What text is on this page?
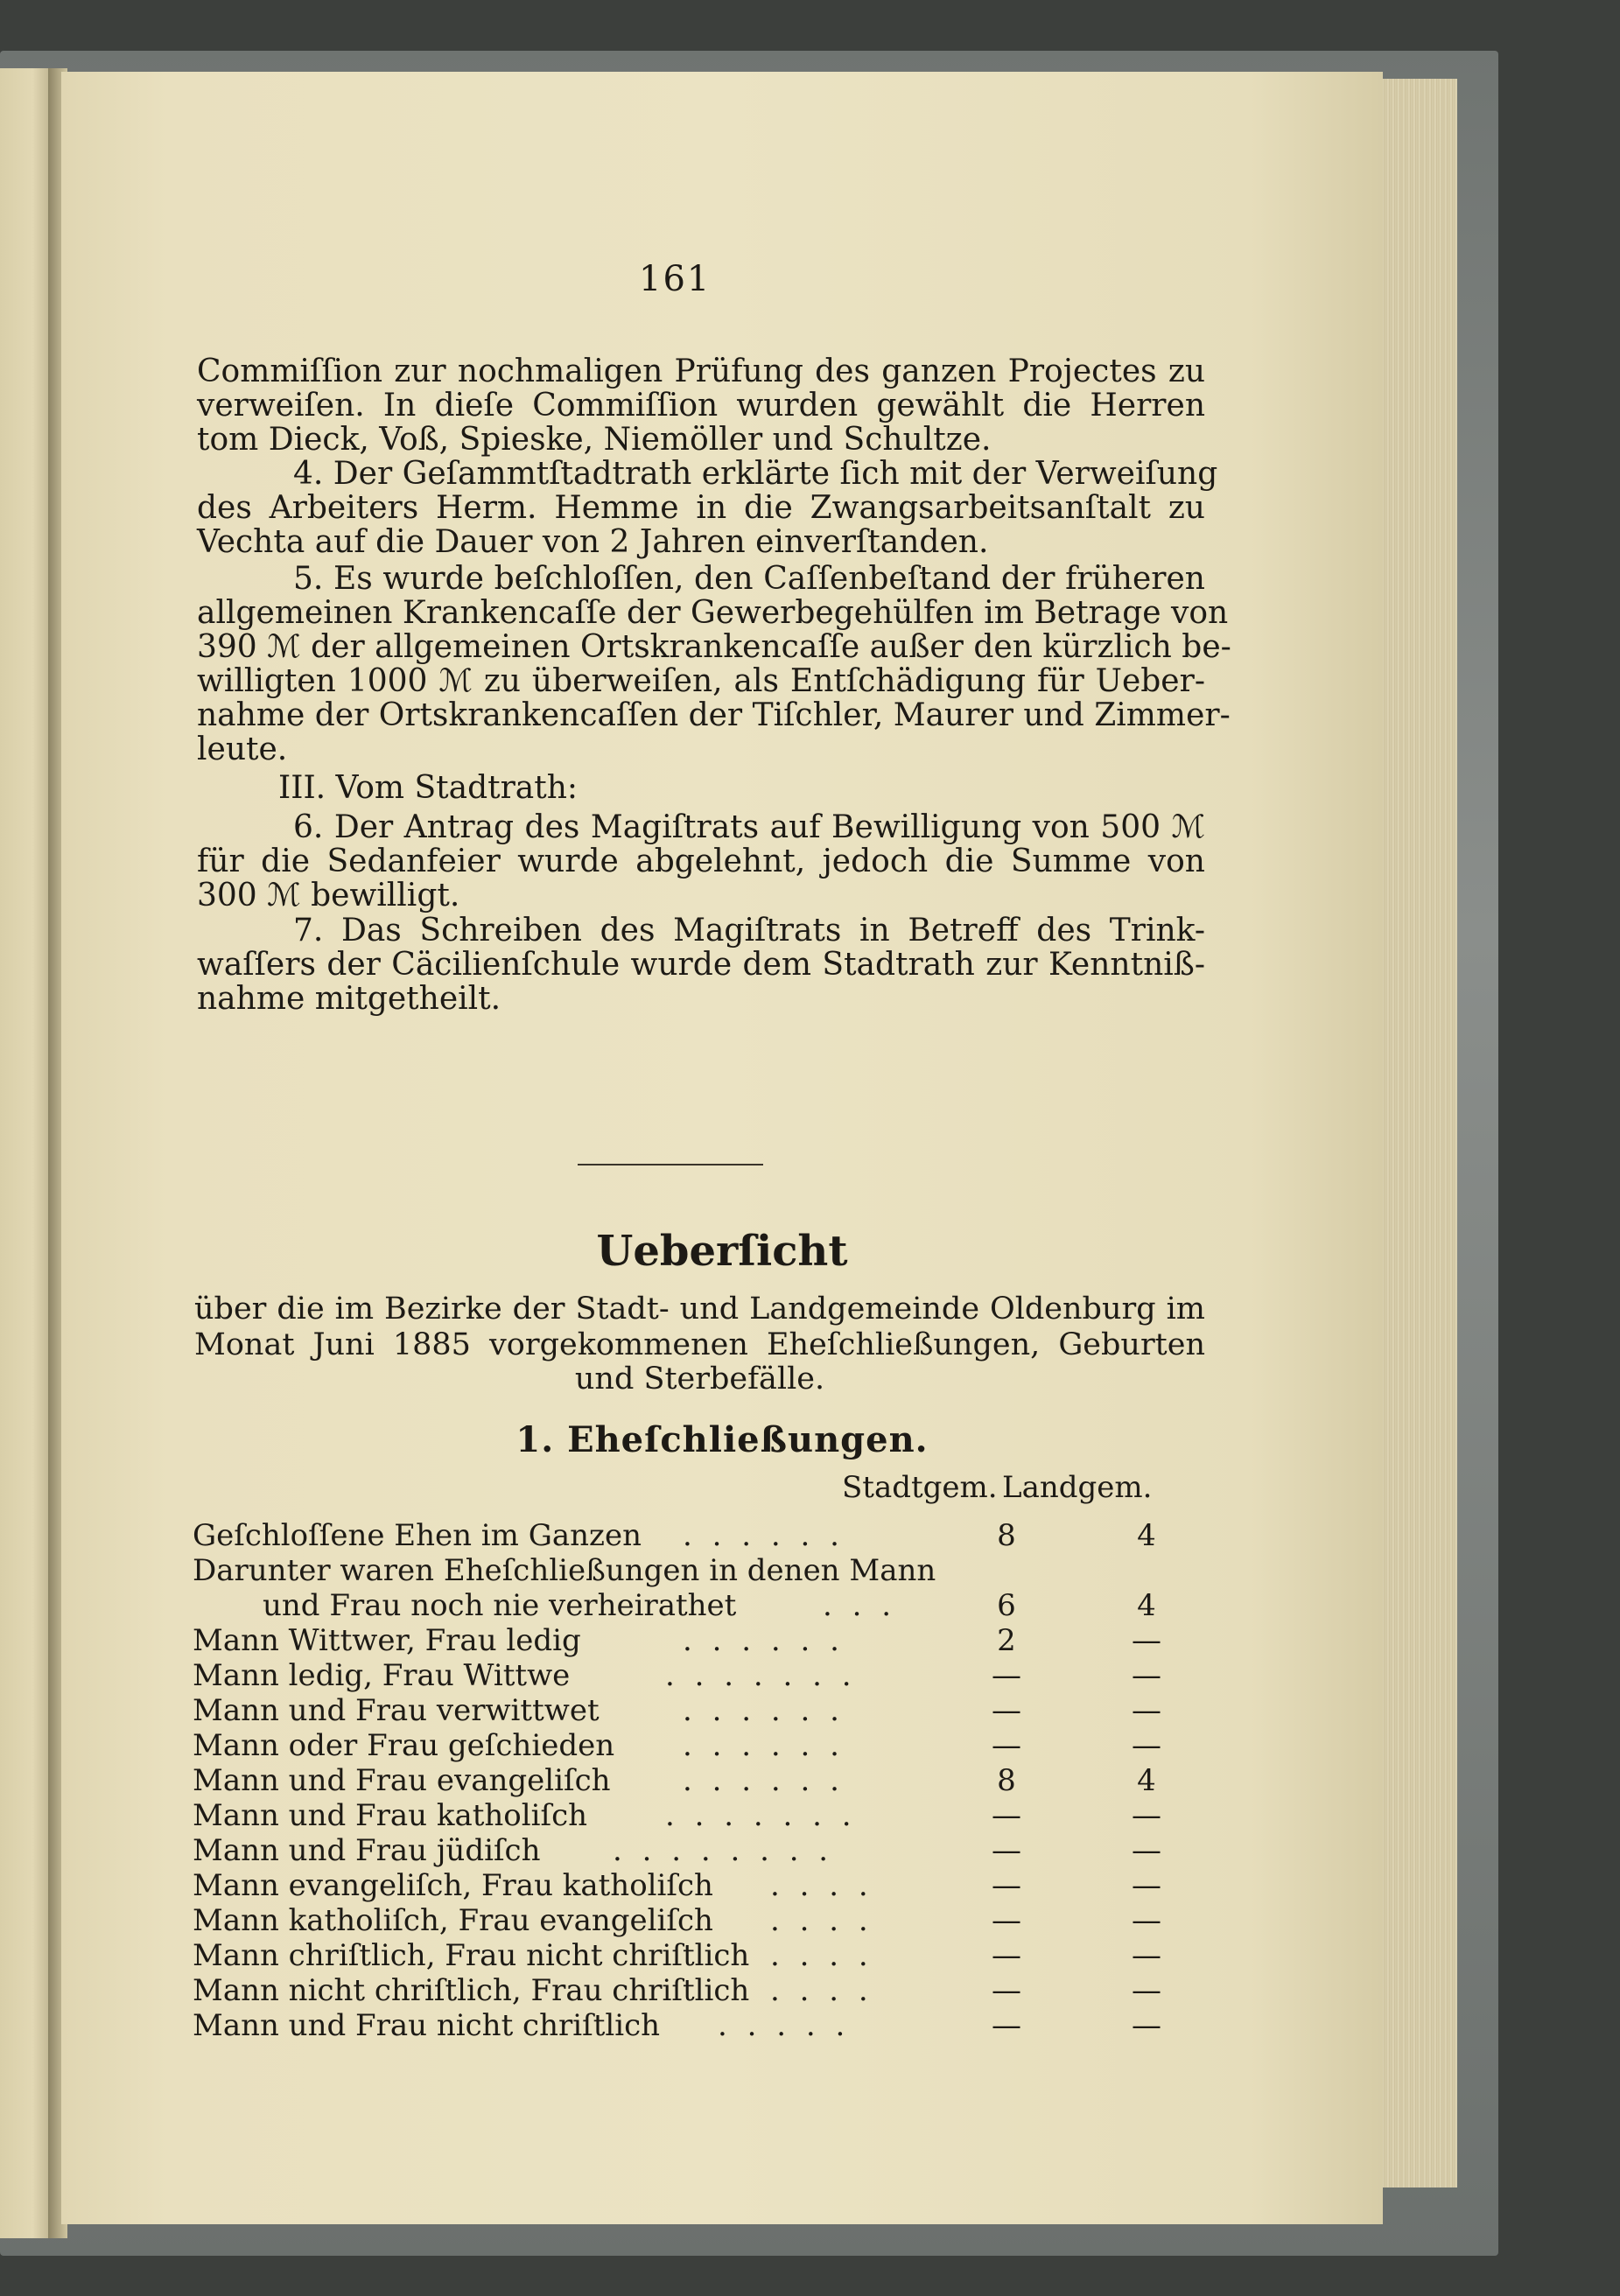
161
Commiſſion zur nochmaligen Prüfung des ganzen Projectes zu
verweiſen. In dieſe Commiſſion wurden gewählt die Herren
tom Dieck, Voß, Spieske, Niemöller und Schultze.
4. Der Geſammtſtadtrath erklärte ſich mit der Verweiſung
des Arbeiters Herm. Hemme in die Zwangsarbeitsanſtalt zu
Vechta auf die Dauer von 2 Jahren einverſtanden.
5. Es wurde beſchloſſen, den Caſſenbeſtand der früheren
allgemeinen Krankencaſſe der Gewerbegehülfen im Betrage von
390 ℳ der allgemeinen Ortskrankencaſſe außer den kürzlich be-
willigten 1000 ℳ zu überweiſen, als Entſchädigung für Ueber-
nahme der Ortskrankencaſſen der Tiſchler, Maurer und Zimmer-
leute.
III. Vom Stadtrath:
6. Der Antrag des Magiſtrats auf Bewilligung von 500 ℳ
für die Sedanfeier wurde abgelehnt, jedoch die Summe von
300 ℳ bewilligt.
7. Das Schreiben des Magiſtrats in Betreff des Trink-
waſſers der Cäcilienſchule wurde dem Stadtrath zur Kenntniß-
nahme mitgetheilt.
Ueberſicht
über die im Bezirke der Stadt- und Landgemeinde Oldenburg im
Monat Juni 1885 vorgekommenen Eheſchließungen, Geburten
und Sterbefälle.
1. Eheſchließungen.
Stadtgem. Landgem.
Geſchloſſene Ehen im Ganzen . . . . . .	8	4
Darunter waren Eheſchließungen in denen Mann
und Frau noch nie verheirathet	. . .	6	4
Mann Wittwer, Frau ledig	. . . . . .	2	—
Mann ledig, Frau Wittwe	. . . . . . .	—	—
Mann und Frau verwittwet	. . . . . .	—	—
Mann oder Frau geſchieden . . . . . .	—	—
Mann und Frau evangeliſch . . . . . .	8	4
Mann und Frau katholiſch	. . . . . . .	—	—
Mann und Frau jüdiſch . . . . . . . .	—	—
Mann evangeliſch, Frau katholiſch . . . .	—	—
Mann katholiſch, Frau evangeliſch . . . .	—	—
Mann chriſtlich, Frau nicht chriſtlich . . . .	—	—
Mann nicht chriſtlich, Frau chriſtlich . . . .	—	—
Mann und Frau nicht chriſtlich . . . . .	—	—
